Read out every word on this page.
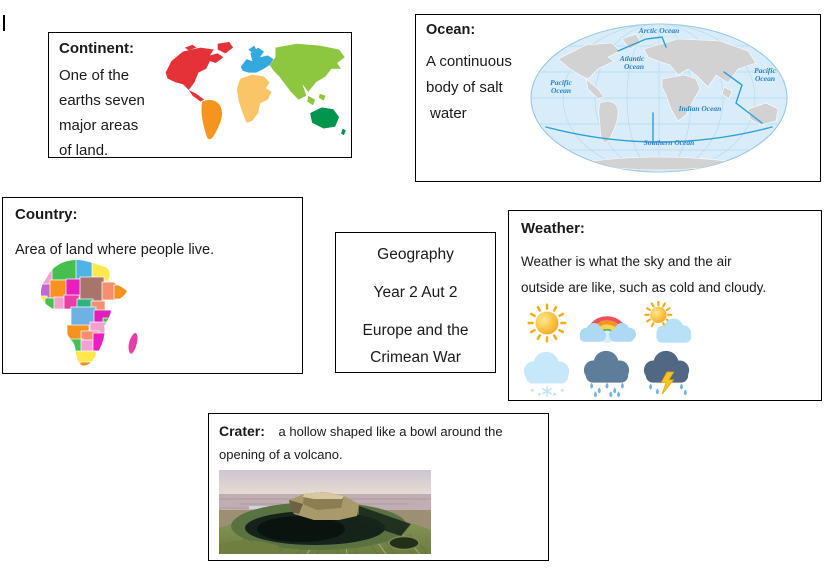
Continent:
One of the
earths seven
major areas
of land.
Ocean:
A continuous
body of salt
water
Arctic Ocean
Atlantic
Ocean
Pacific
Ocean
Pacific
Ocean
Indian Ocean
Southern Ocean
Country:
Area of land where people live.	Geography
Year 2 Aut 2
Europe and the
Crimean War
Weather:
Weather is what the sky and the air
outside are like, such as cold and cloudy.
Crater: a hollow shaped like a bowl around the
opening of a volcano.
